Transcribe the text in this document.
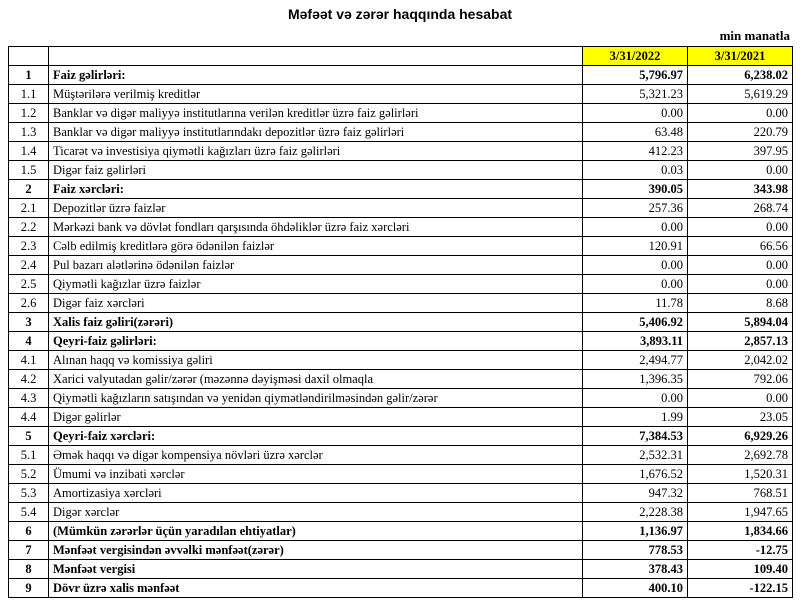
Məfəət və zərər haqqında hesabat
min manatla
		3/31/2022	3/31/2021
1	Faiz gəlirləri:	5,796.97	6,238.02
1.1	Müştərilərə verilmiş kreditlər	5,321.23	5,619.29
1.2	Banklar və digər maliyyə institutlarına verilən kreditlər üzrə faiz gəlirləri	0.00	0.00
1.3	Banklar və digər maliyyə institutlarındakı depozitlər üzrə faiz gəlirləri	63.48	220.79
1.4	Ticarət və investisiya qiymətli kağızları üzrə faiz gəlirləri	412.23	397.95
1.5	Digər faiz gəlirləri	0.03	0.00
2	Faiz xərcləri:	390.05	343.98
2.1	Depozitlər üzrə faizlər	257.36	268.74
2.2	Mərkəzi bank və dövlət fondları qarşısında öhdəliklər üzrə faiz xərcləri	0.00	0.00
2.3	Cəlb edilmiş kreditlərə görə ödənilən faizlər	120.91	66.56
2.4	Pul bazarı alətlərinə ödənilən faizlər	0.00	0.00
2.5	Qiymətli kağızlar üzrə faizlər	0.00	0.00
2.6	Digər faiz xərcləri	11.78	8.68
3	Xalis faiz gəliri(zərəri)	5,406.92	5,894.04
4	Qeyri-faiz gəlirləri:	3,893.11	2,857.13
4.1	Alınan haqq və komissiya gəliri	2,494.77	2,042.02
4.2	Xarici valyutadan gəlir/zərər (məzənnə dəyişməsi daxil olmaqla	1,396.35	792.06
4.3	Qiymətli kağızların satışından və yenidən qiymətləndirilməsindən gəlir/zərər	0.00	0.00
4.4	Digər gəlirlər	1.99	23.05
5	Qeyri-faiz xərcləri:	7,384.53	6,929.26
5.1	Əmək haqqı və digər kompensiya növləri üzrə xərclər	2,532.31	2,692.78
5.2	Ümumi və inzibati xərclər	1,676.52	1,520.31
5.3	Amortizasiya xərcləri	947.32	768.51
5.4	Digər xərclər	2,228.38	1,947.65
6	(Mümkün zərərlər üçün yaradılan ehtiyatlar)	1,136.97	1,834.66
7	Mənfəət vergisindən əvvəlki mənfəət(zərər)	778.53	-12.75
8	Mənfəət vergisi	378.43	109.40
9	Dövr üzrə xalis mənfəət	400.10	-122.15
